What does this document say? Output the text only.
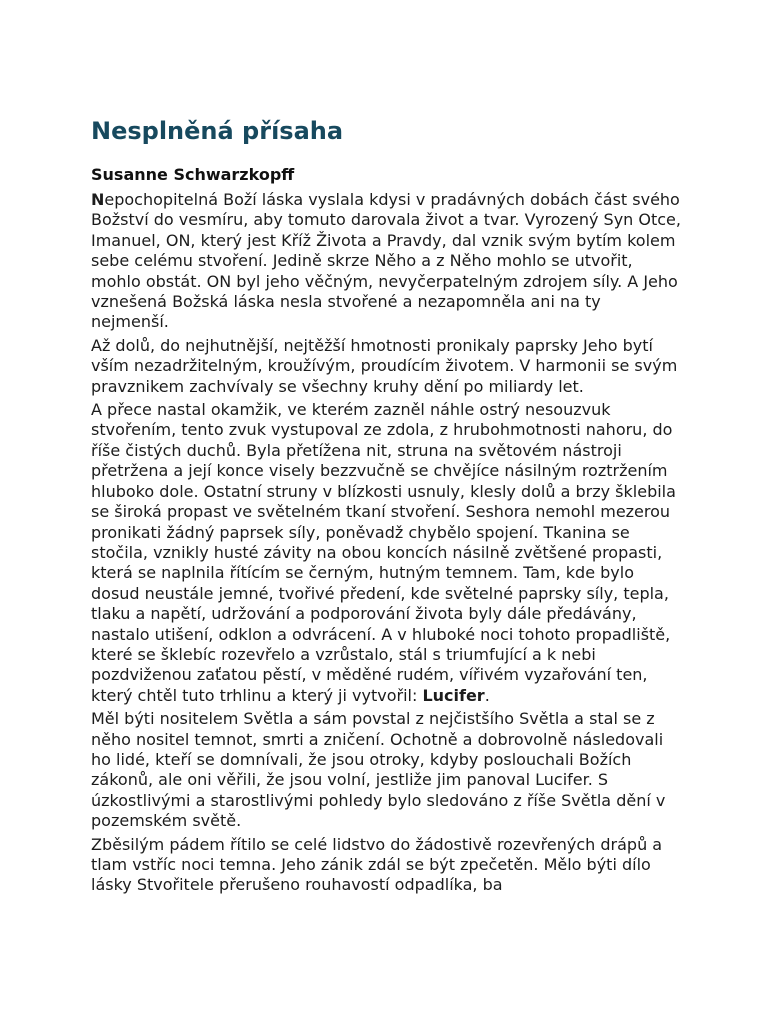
Nesplněná přísaha
Susanne Schwarzkopff

Nepochopitelná Boží láska vyslala kdysi v pradávných dobách část svého Božství do vesmíru, aby tomuto darovala život a tvar. Vyrozený Syn Otce, Imanuel, ON, který jest Kříž Života a Pravdy, dal vznik svým bytím kolem sebe celému stvoření. Jedině skrze Něho a z Něho mohlo se utvořit, mohlo obstát. ON byl jeho věčným, nevyčerpatelným zdrojem síly. A Jeho vznešená Božská láska nesla stvořené a nezapomněla ani na ty nejmenší.

Až dolů, do nejhutnější, nejtěžší hmotnosti pronikaly paprsky Jeho bytí vším nezadržitelným, kroužívým, proudícím životem. V harmonii se svým pravznikem zachvívaly se všechny kruhy dění po miliardy let.

A přece nastal okamžik, ve kterém zazněl náhle ostrý nesouzvuk stvořením, tento zvuk vystupoval ze zdola, z hrubohmotnosti nahoru, do říše čistých duchů. Byla přetížena nit, struna na světovém nástroji přetržena a její konce visely bezzvučně se chvějíce násilným roztržením hluboko dole. Ostatní struny v blízkosti usnuly, klesly dolů a brzy šklebila se široká propast ve světelném tkaní stvoření. Seshora nemohl mezerou pronikati žádný paprsek síly, poněvadž chybělo spojení. Tkanina se stočila, vznikly husté závity na obou koncích násilně zvětšené propasti, která se naplnila řítícím se černým, hutným temnem. Tam, kde bylo dosud neustále jemné, tvořivé předení, kde světelné paprsky síly, tepla, tlaku a napětí, udržování a podporování života byly dále předávány, nastalo utišení, odklon a odvrácení. A v hluboké noci tohoto propadliště, které se šklebíc rozevřelo a vzrůstalo, stál s triumfující a k nebi pozdviženou zaťatou pěstí, v měděné rudém, vířivém vyzařování ten, který chtěl tuto trhlinu a který ji vytvořil: Lucifer.

Měl býti nositelem Světla a sám povstal z nejčistšího Světla a stal se z něho nositel temnot, smrti a zničení. Ochotně a dobrovolně následovali ho lidé, kteří se domnívali, že jsou otroky, kdyby poslouchali Božích zákonů, ale oni věřili, že jsou volní, jestliže jim panoval Lucifer. S úzkostlivými a starostlivými pohledy bylo sledováno z říše Světla dění v pozemském světě.

Zběsilým pádem řítilo se celé lidstvo do žádostivě rozevřených drápů a tlam vstříc noci temna. Jeho zánik zdál se být zpečetěn. Mělo býti dílo lásky Stvořitele přerušeno rouhavostí odpadlíka, ba
